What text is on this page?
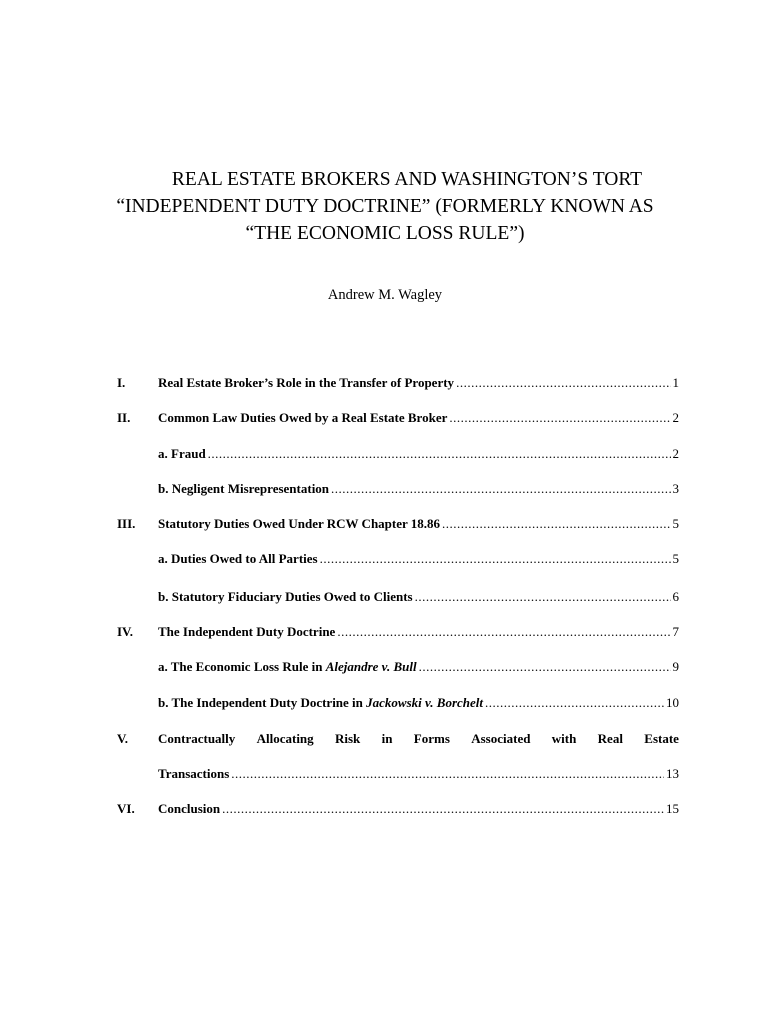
REAL ESTATE BROKERS AND WASHINGTON’S TORT
“INDEPENDENT DUTY DOCTRINE” (FORMERLY KNOWN AS
“THE ECONOMIC LOSS RULE”)
Andrew M. Wagley
I.	Real Estate Broker’s Role in the Transfer of Property .....	1
II. Common Law Duties Owed by a Real Estate Broker .....	2
a. Fraud .....	2
b. Negligent Misrepresentation .....	3
III. Statutory Duties Owed Under RCW Chapter 18.86 .....	5
a. Duties Owed to All Parties .....	5
b. Statutory Fiduciary Duties Owed to Clients .....	6
IV. The Independent Duty Doctrine .....	7
a. The Economic Loss Rule in Alejandre v. Bull .....	9
b. The Independent Duty Doctrine in Jackowski v. Borchelt .....	10
V. Contractually Allocating Risk in Forms Associated with Real Estate
Transactions .....	13
VI. Conclusion .....	15
